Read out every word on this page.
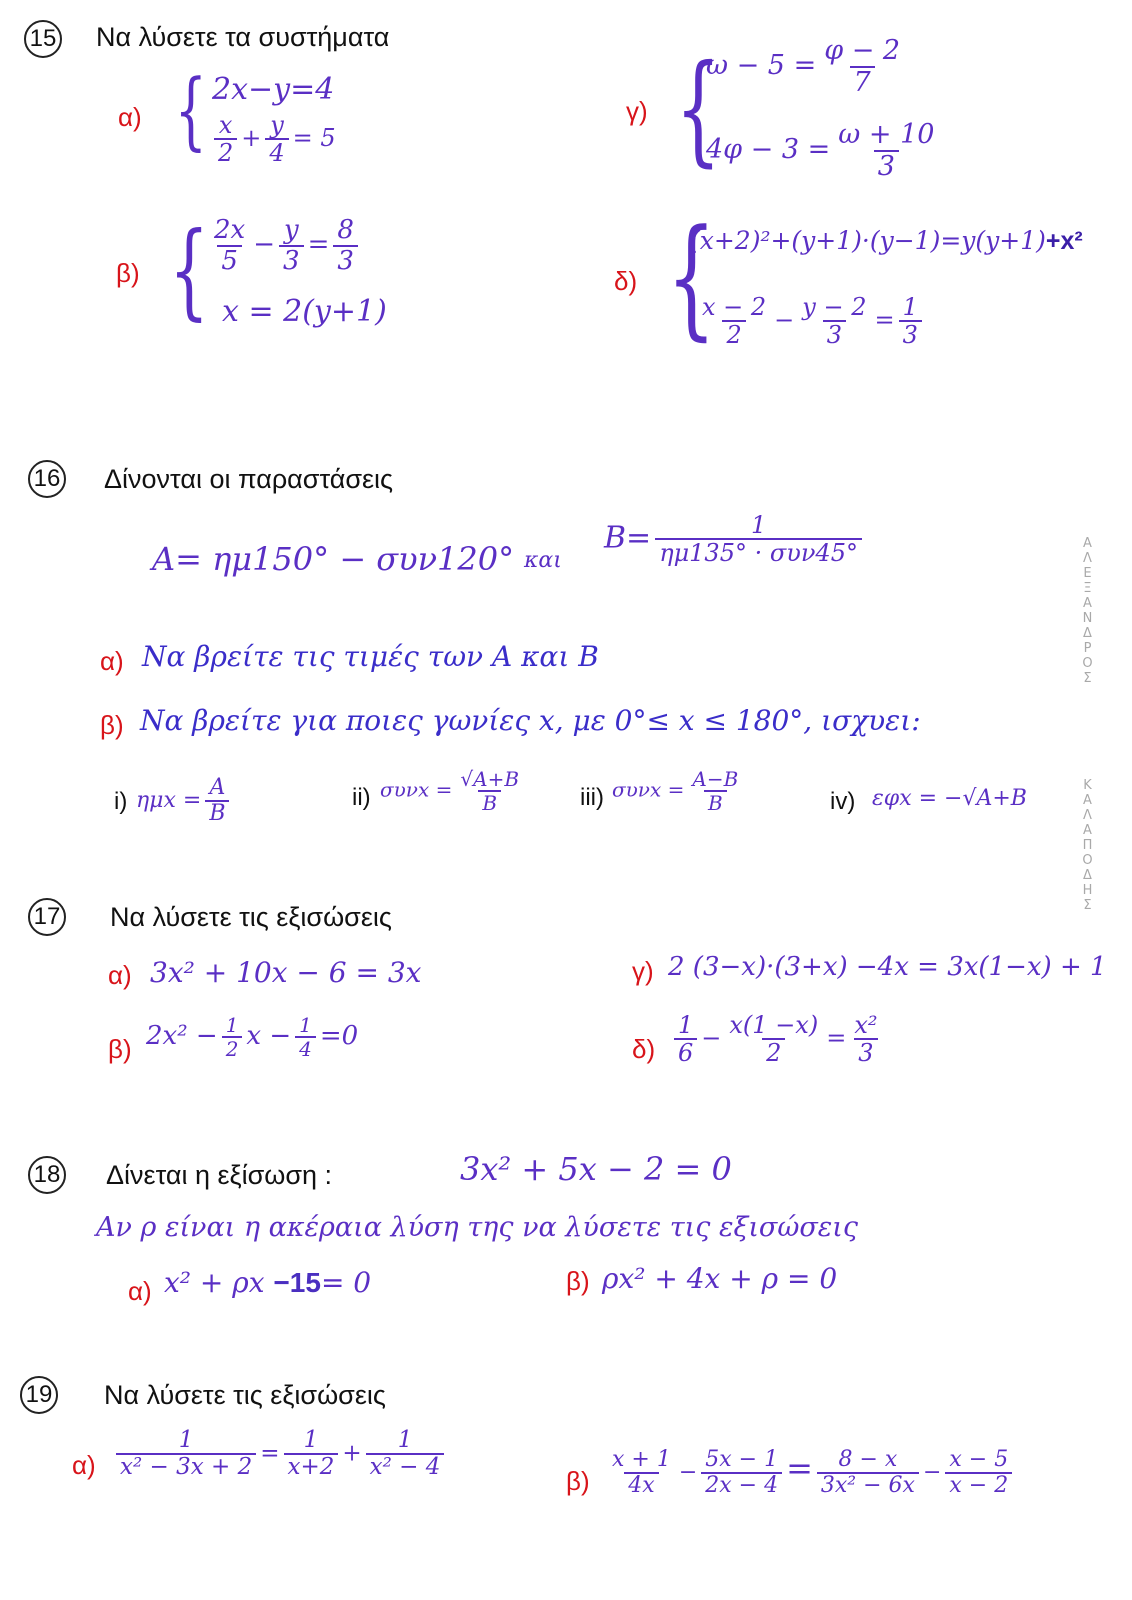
ΑΛΕΞΑΝΔΡΟΣ
ΚΑΛΑΠΟΔΗΣ
15 Να λύσετε τα συστήματα
α) { 2x−y=4
$\frac{x}{2} + \frac{y}{4} = 5$
β) { $\frac{2x}{5} - \frac{y}{3} = \frac{8}{3}$
x = 2(y+1)
γ) {
$\omega - 5 = \frac{\varphi - 2}{7}$
$4\varphi - 3 = \frac{\omega + 10}{3}$
δ) {
(x+2)²+(y+1)·(y−1)=y(y+1)+x²
$\frac{x - 2}{2} - \frac{y - 2}{3} = \frac{1}{3}$
16 Δίνονται οι παραστάσεις
A= ημ150° − συν120° και
$B= \frac{1}{\text{ημ135° · συν45°}}$
α) Να βρείτε τις τιμές των A και B
β) Να βρείτε για ποιες γωνίες x, με 0°≤ x ≤ 180°, ισχυει:
i) $\eta\mu x = \frac{A}{B}$	ii) $\sigma\upsilon\nu x = \frac{√A+B}{B} iii$) $\sigma\upsilon\nu x = \frac{A-B}{B}$	iv) εφx = −√A+B
17 Να λύσετε τις εξισώσεις
α) 3x² + 10x − 6 = 3x
β) $2x^2 - \frac{1}{2}$ $x - \frac{1}{4} =0$
γ) 2 (3−x)·(3+x) −4x = 3x(1−x) + 1
$\delta) \frac{1}{6} - \frac{x(1 -x)}{2} = \frac{\text{x²}}{3}$
18 Δίνεται η εξίσωση :	3x² + 5x − 2 = 0
Αν ρ είναι η ακέραια λύση της να λύσετε τις εξισώσεις
α) x² + ρx −15= 0	β) ρx² + 4x + ρ = 0
19 Να λύσετε τις εξισώσεις
$\alpha) \frac{1}{\text{x² − 3x + 2}} = \frac{1}{x+2} + \frac{1}{\text{x² − 4}}$
$\beta) \frac{x + 1}{4x} - \frac{5x - 1}{2x - 4} = \frac{8 - x}{\text{3x² − 6x}} - \frac{x - 5}{x - 2}$
